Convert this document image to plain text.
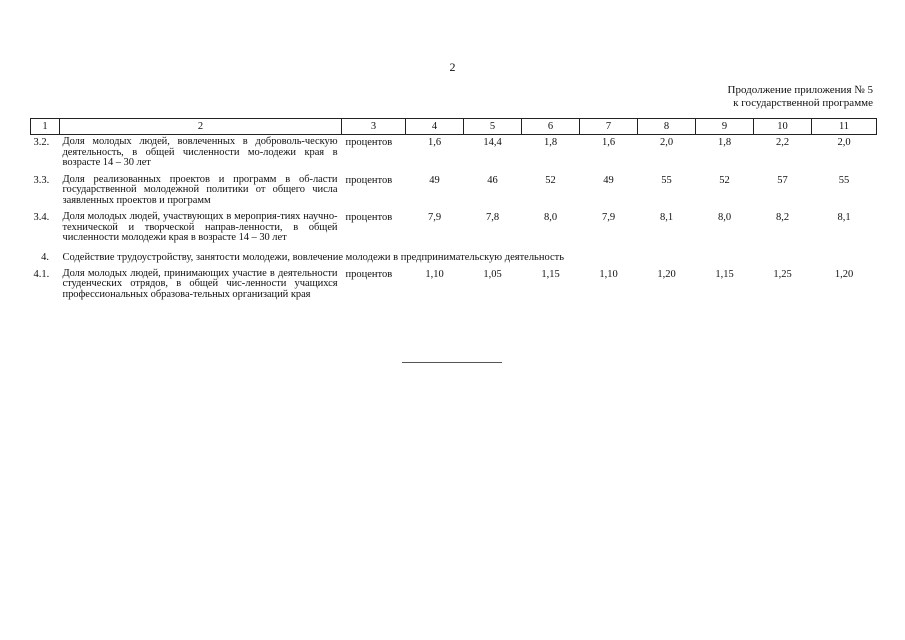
2
Продолжение приложения № 5
к государственной программе
1	2	3	4	5	6	7	8	9	10	11
3.2.	Доля молодых людей, вовлеченных в доброволь-ческую деятельность, в общей численности мо-лодежи края в возрасте 14 – 30 лет	процентов	1,6	14,4	1,8	1,6	2,0	1,8	2,2	2,0
3.3.	Доля реализованных проектов и программ в об-ласти государственной молодежной политики от общего числа заявленных проектов и программ	процентов	49	46	52	49	55	52	57	55
3.4.	Доля молодых людей, участвующих в мероприя-тиях научно-технической и творческой направ-ленности, в общей численности молодежи края в возрасте 14 – 30 лет	процентов	7,9	7,8	8,0	7,9	8,1	8,0	8,2	8,1
4.	Содействие трудоустройству, занятости молодежи, вовлечение молодежи в предпринимательскую деятельность									
4.1.	Доля молодых людей, принимающих участие в деятельности студенческих отрядов, в общей чис-ленности учащихся профессиональных образова-тельных организаций края	процентов	1,10	1,05	1,15	1,10	1,20	1,15	1,25	1,20
